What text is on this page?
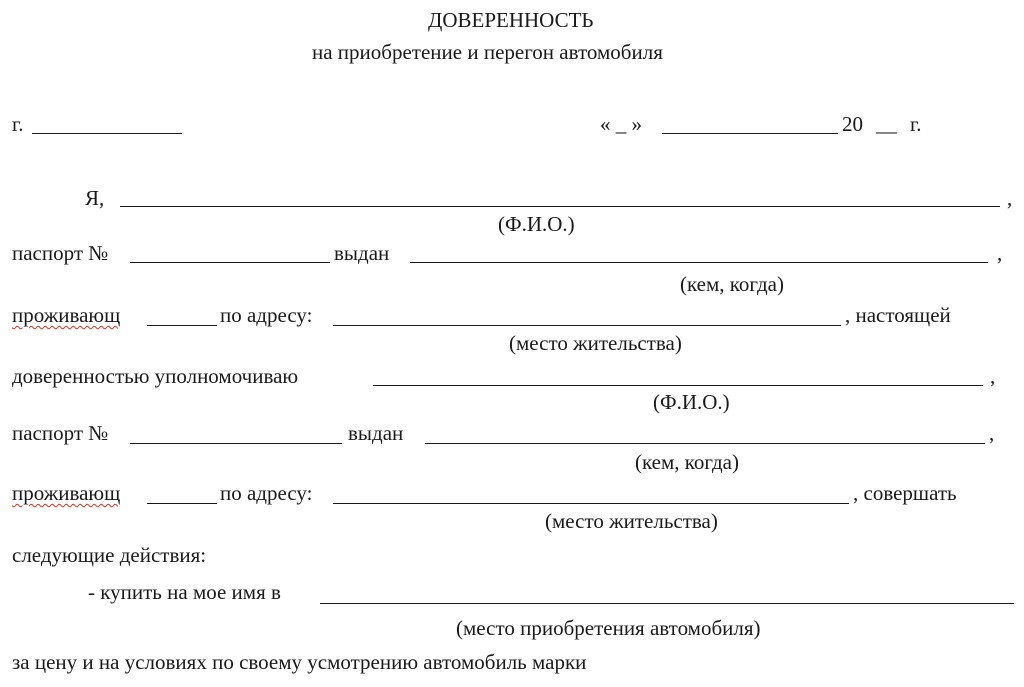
ДОВЕРЕННОСТЬ
на приобретение и перегон автомобиля
г.	« _ »	20 __ г.
Я,	,
(Ф.И.О.)
паспорт №	выдан	,
(кем, когда)
проживающ	по адресу:	, настоящей
(место жительства)
доверенностью уполномочиваю	,
(Ф.И.О.)
паспорт №	выдан	,
(кем, когда)
проживающ	по адресу:	, совершать
(место жительства)
следующие действия:
- купить на мое имя в
(место приобретения автомобиля)
за цену и на условиях по своему усмотрению автомобиль марки
